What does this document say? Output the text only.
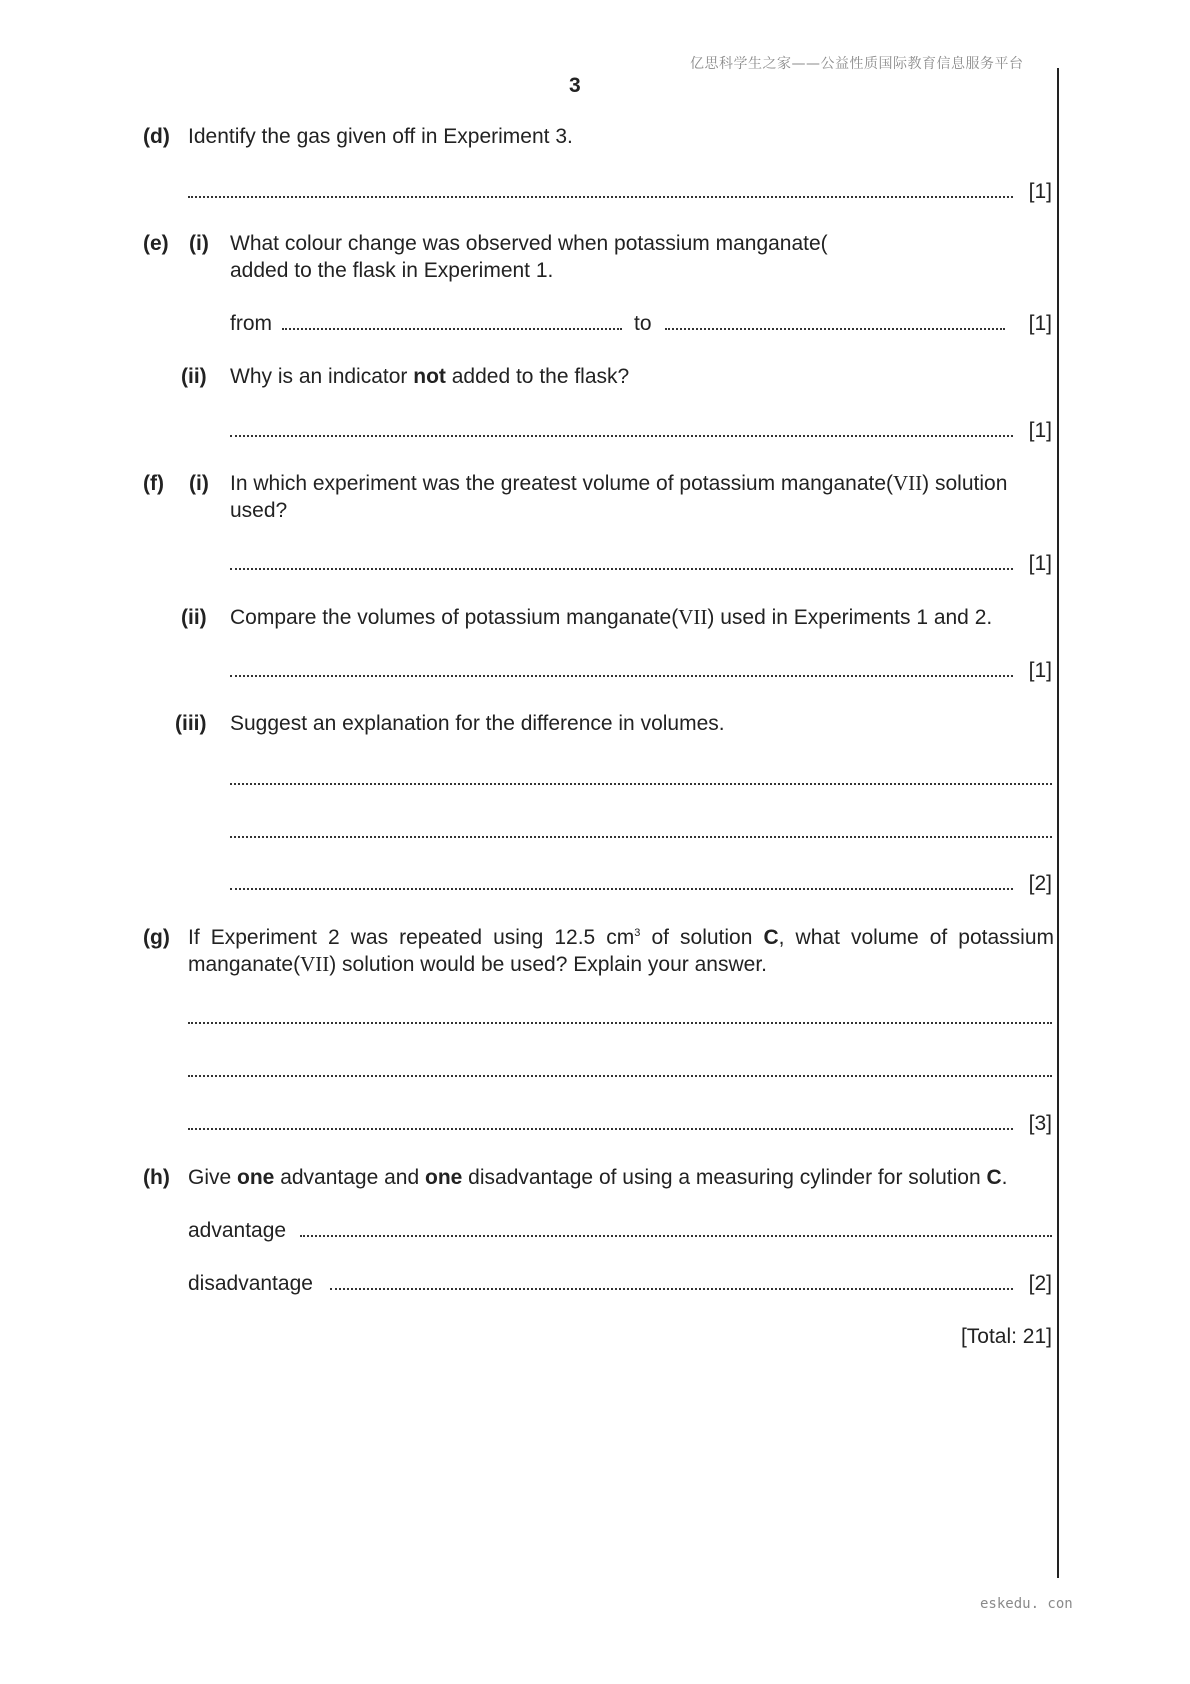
亿思科学生之家——公益性质国际教育信息服务平台
3
eskedu. con
(d) Identify the gas given off in Experiment 3.
[1]
(e) (i) What colour change was observed when potassium manganate(
added to the flask in Experiment 1.
from	to	[1]
(ii) Why is an indicator not added to the flask?
[1]
(f) (i) In which experiment was the greatest volume of potassium manganate(VII) solution
used?
[1]
(ii) Compare the volumes of potassium manganate(VII) used in Experiments 1 and 2.
[1]
(iii) Suggest an explanation for the difference in volumes.
[2]
(g) If Experiment 2 was repeated using 12.5 $cm^3$ of solution C, what volume of potassium
manganate(VII) solution would be used? Explain your answer.
[3]
(h) Give one advantage and one disadvantage of using a measuring cylinder for solution C.
advantage
disadvantage	[2]
[Total: 21]
